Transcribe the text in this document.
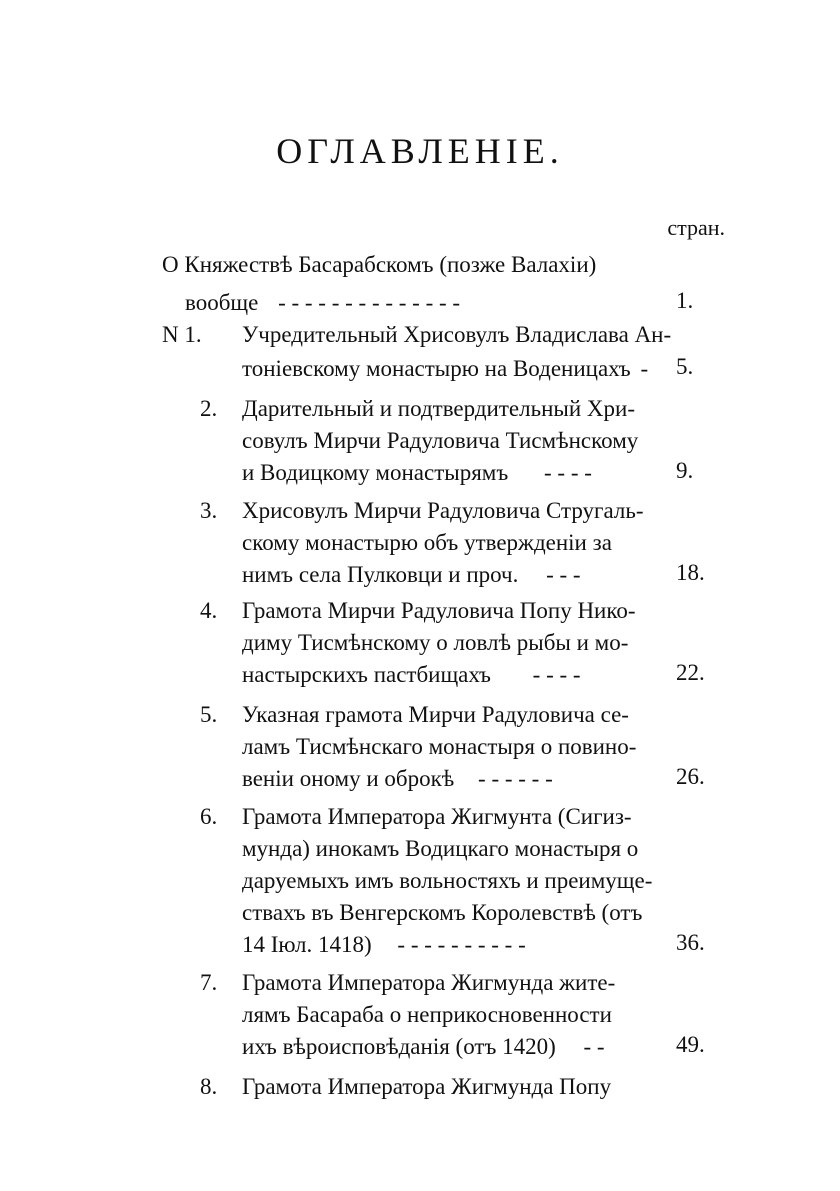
ОГЛАВЛЕНІЕ.
стран.
О Княжествѣ Басарабскомъ (позже Валахіи)
вообще - - - - - - - - - - - - - -	1.
N 1. Учредительный Хрисовулъ Владислава Ан-
тоніевскому монастырю на Воденицахъ - 5.
2. Дарительный и подтвердительный Хри-
совулъ Мирчи Радуловича Тисмѣнскому
и Водицкому монастырямъ - - - -	9.
3. Хрисовулъ Мирчи Радуловича Стругаль-
скому монастырю объ утвержденіи за
нимъ села Пулковци и проч. - - -	18.
4. Грамота Мирчи Радуловича Попу Нико-
диму Тисмѣнскому о ловлѣ рыбы и мо-
настырскихъ пастбищахъ - - - -	22.
5. Указная грамота Мирчи Радуловича се-
ламъ Тисмѣнскаго монастыря о повино-
веніи оному и оброкѣ - - - - - -	26.
6. Грамота Императора Жигмунта (Сигиз-
мунда) инокамъ Водицкаго монастыря о
даруемыхъ имъ вольностяхъ и преимуще-
ствахъ въ Венгерскомъ Королевствѣ (отъ
14 Іюл. 1418) - - - - - - - - - -	36.
7. Грамота Императора Жигмунда жите-
лямъ Басараба о неприкосновенности
ихъ вѣроисповѣданія (отъ 1420) - -	49.
8. Грамота Императора Жигмунда Попу
